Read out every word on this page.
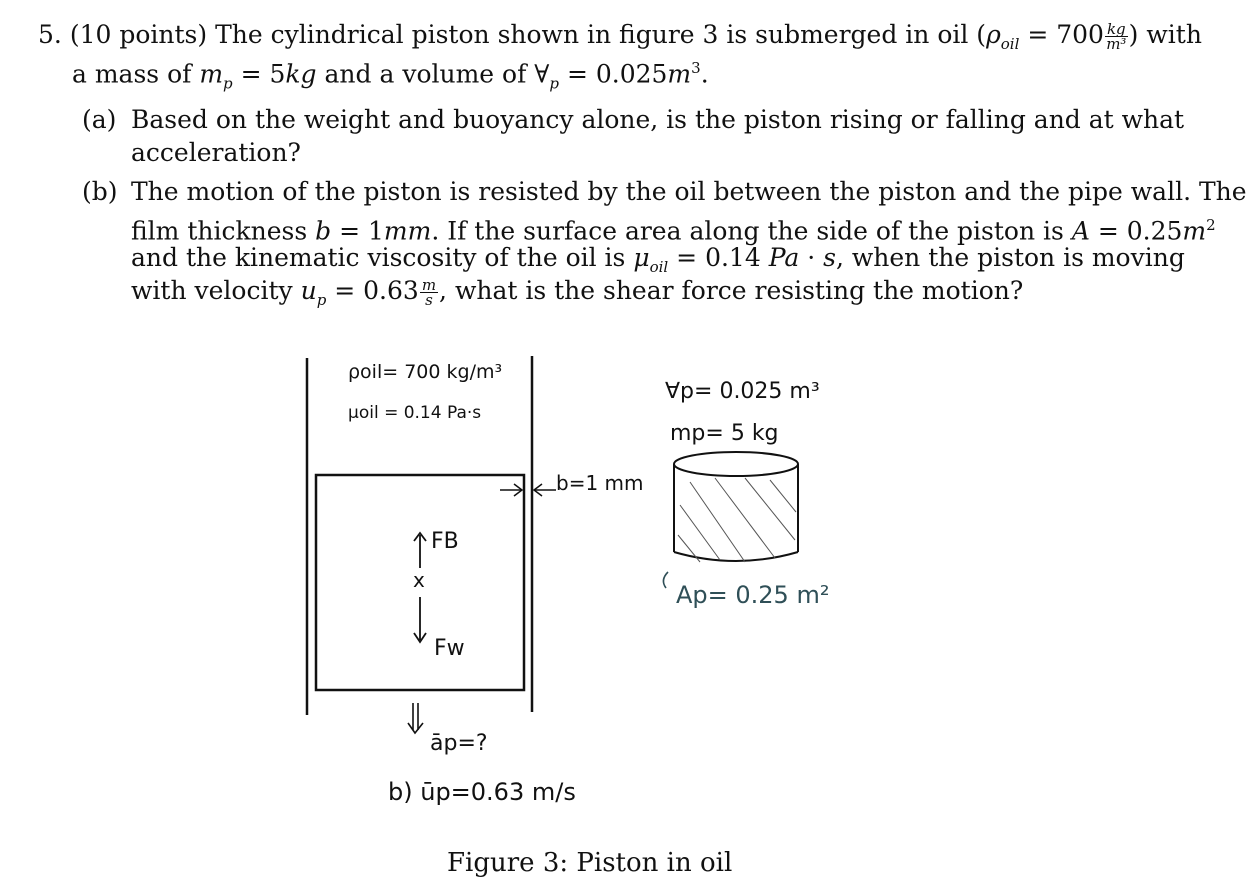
5. (10 points) The cylindrical piston shown in figure 3 is submerged in oil ($\rho_{oil} = 700 \frac{kg}{\text{m³}}$ ) with
a mass of $m_p = 5kg$ and a volume of $\forall_p = 0.025m^3$.
(a) Based on the weight and buoyancy alone, is the piston rising or falling and at what
acceleration?
(b) The motion of the piston is resisted by the oil between the piston and the pipe wall. The
film thickness b = 1mm. If the surface area along the side of the piston is $A = 0.25m^2$
and the kinematic viscosity of the oil is $\mu_{oil} = 0.14$ Pa · s, when the piston is moving
with velocity $u_p = 0.63 \frac{m}{s}$ , what is the shear force resisting the motion?
ρoil= 700 kg/m³
μoil = 0.14 Pa·s
b=1 mm
FB
x
Fw
āp=?
b) ūp=0.63 m/s
∀p= 0.025 m³
mp= 5 kg
Ap= 0.25 m²
Figure 3: Piston in oil
